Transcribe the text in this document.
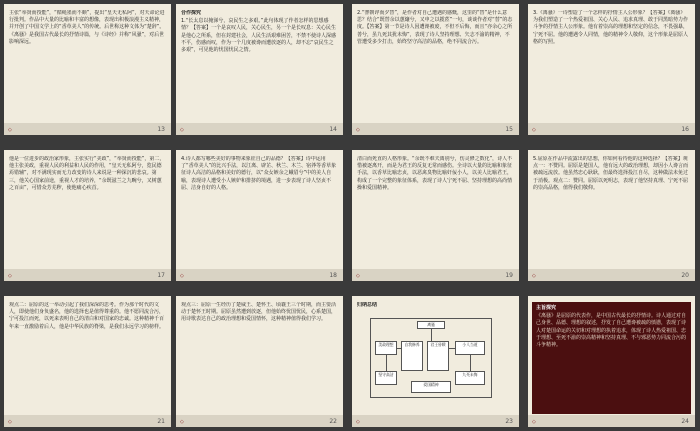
主张“举贤而授能”，“循绳墨而不颇”，提出“皇天无私阿”，对天命论进行批判。作品中大量的比喻和丰富的想像，表现出积极浪漫主义精神，并开创了中国文学上的“香草美人”的传统。后世称这种文体为“楚辞”。《离骚》是我国古代最长的抒情诗篇，与《诗经》并称“风骚”，对后世影响深远。
◇	13
合作探究
1.“长太息以掩涕兮，哀民生之多艰。”此句体现了作者怎样的思想感情？【答案】一个是哀叹人民，关心民生，另一个是长叹息：关心民生是他心之所系，但在封建社会，人民生活艰难困苦，不禁不使诗人深感不平，伤感而叹，作为一个几度被谗而遭放逐的人，却不忘“哀民生之多艰”，可见他的忧国忧民之情。
◇	14
2.“謇朝谇而夕替”，是作者对自己遭遇的感慨，这里的“替”是什么意思？结合“既替余以蕙纕兮，又申之以揽茝”一句，谈谈作者对“替”的态度。【答案】第一节是诗人因遭谗被废，不但不后悔，而且“亦余心之所善兮，虽九死其犹未悔”，表现了诗人坚持理想、矢志不渝的精神，不管遭受多少打击，始终坚守高洁的品格，绝不同流合污。
◇	15
3.《离骚》一诗塑造了一个怎样的抒情主人公形象？【答案】《离骚》为我们塑造了一个热爱祖国、关心人民、追求真理、敢于同黑暗势力作斗争的抒情主人公形象。他有着崇高的理想和坚定的信念，不畏强暴，宁死不屈。他的遭遇令人同情，他的精神令人敬仰，这个形象是屈原人格的写照。
◇	16
他是一位进步的政治家形象，主张实行“美政”，“举贤而授能”，第二，他主张美政，重视人民的利益和人民的作用，“皇天无私阿兮，览民德焉错辅”，对不满现实而无力改变的诗人来说是一种深沉的悲哀。第三，他关心国家前途，重视人才的培养，“余既滋兰之九畹兮，又树蕙之百亩”，可惜众芳芜秽，使他痛心疾首。
◇	17
4.诗人都写哪些美好的事物来象征自己的品德？【答案】诗中运用了“香草美人”的比兴手法，以江离、辟芷、秋兰、木兰、宿莽等香草象征诗人高洁的品格和美好的德行，以“众女嫉余之蛾眉兮”中的美人自喻，表现诗人遭受小人嫉妒和排挤的境遇，进一步表现了诗人坚贞不屈、洁身自好的人格。
◇	18
清白而死直的人格形象。“余既不难夫离别兮，伤灵修之数化”，诗人不惜被逐离开，而是为君王的反复无常而感伤。全诗以大量的比喻和象征手法，以香草比喻忠贞，以恶禽臭物比喻奸佞小人，以美人比喻君王，构成了一个完整的象征体系，表现了诗人宁死不屈、坚持理想的高尚情操和爱国精神。
◇	19
5.屈原在作品中流露出的思想，你如何看待他的这种选择？【答案】观点一：不赞同。屈原是楚国人，他有远大的政治理想，却因小人谗言而被疏远流放。他虽然忠心耿耿，但最终选择投江自尽，这种做法未免过于消极。观点二：赞同。屈原以死明志，表现了他坚持真理、宁死不屈的崇高品格，值得我们敬仰。
◇	20
观点二：屈原的这一举动引起了我们深深的思考。作为那个时代的文人，即使他们身负盛名，他的选择也是值得尊重的。他不愿同流合污，宁可投江而死，以死来表明自己的清白和对国家的忠诚。这种精神千百年来一直激励着后人，他是中华民族的脊梁，是我们永远学习的榜样。
◇	21
观点三：屈原一生经历了楚威王、楚怀王、顷襄王三个时期，而主要活动于楚怀王时期。屈原虽然遭到放逐，但他始终忧国忧民，心系楚国，用诗歌表达自己的政治理想和爱国情怀，这种精神值得我们学习。
◇	22
归纳总结
离骚
美政理想	自我修养	君王昏聩	小人当道
坚守高洁	九死未悔
爱国精神
◇	23
主旨探究
《离骚》是屈原的代表作，是中国古代最长的抒情诗。诗人通过对自己身世、品德、理想的叙述，抒发了自己遭谗被疏的愤懑，表现了诗人对楚国命运的关切和对理想的执着追求，体现了诗人热爱祖国、忠于理想、至死不渝的崇高精神和坚持真理、不与邪恶势力同流合污的斗争精神。
◇	24
